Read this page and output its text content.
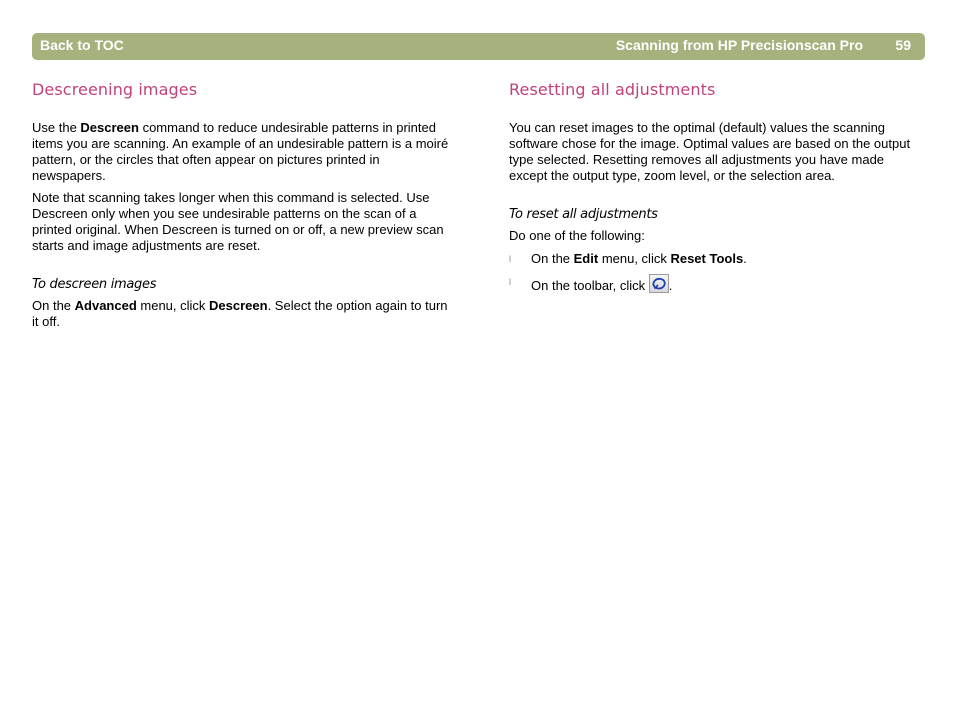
Back to TOC	Scanning from HP Precisionscan Pro 59
Descreening images

Use the Descreen command to reduce undesirable patterns in printed items you are scanning. An example of an undesirable pattern is a moiré pattern, or the circles that often appear on pictures printed in newspapers.

Note that scanning takes longer when this command is selected. Use Descreen only when you see undesirable patterns on the scan of a printed original. When Descreen is turned on or off, a new preview scan starts and image adjustments are reset.

To descreen images

On the Advanced menu, click Descreen. Select the option again to turn it off.

Resetting all adjustments

You can reset images to the optimal (default) values the scanning software chose for the image. Optimal values are based on the output type selected. Resetting removes all adjustments you have made except the output type, zoom level, or the selection area.

To reset all adjustments

Do one of the following:

l	On the Edit menu, click Reset Tools.
l	On the toolbar, click
.
